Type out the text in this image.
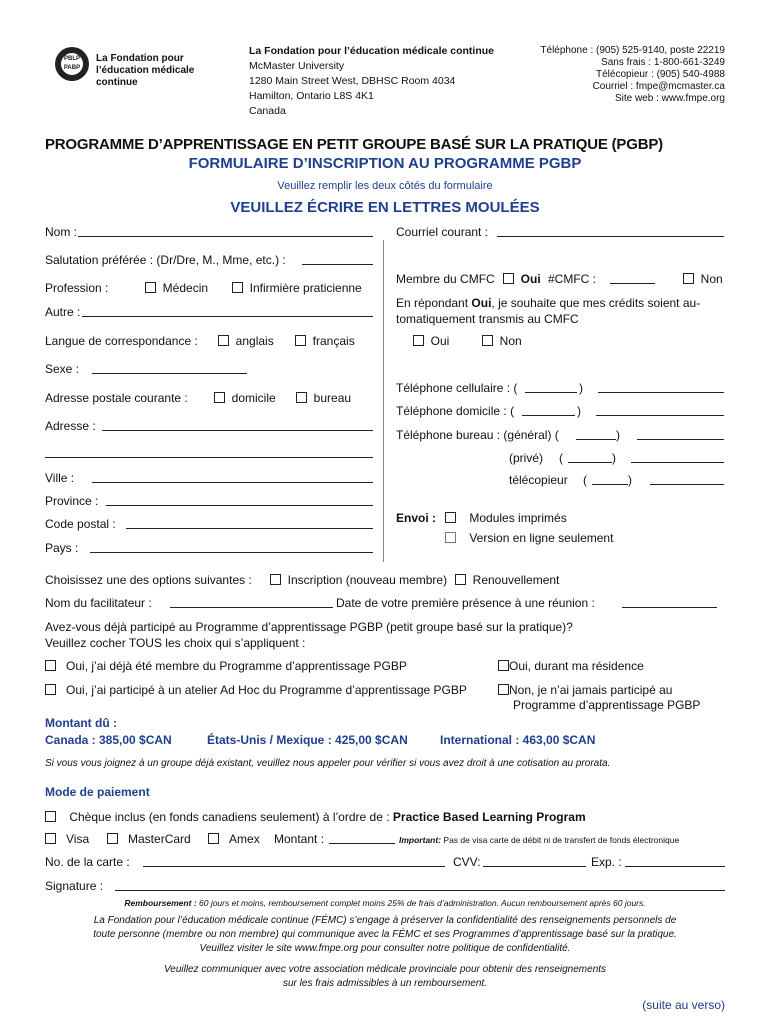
PBLP PABP
La Fondation pour
l’éducation médicale
continue
La Fondation pour l’éducation médicale continue
McMaster University
1280 Main Street West, DBHSC Room 4034
Hamilton, Ontario L8S 4K1
Canada
Téléphone : (905) 525-9140, poste 22219
Sans frais : 1-800-661-3249
Télécopieur : (905) 540-4988
Courriel : fmpe@mcmaster.ca
Site web : www.fmpe.org
PROGRAMME D’APPRENTISSAGE EN PETIT GROUPE BASÉ SUR LA PRATIQUE (PGBP)
FORMULAIRE D’INSCRIPTION AU PROGRAMME PGBP
Veuillez remplir les deux côtés du formulaire
VEUILLEZ ÉCRIRE EN LETTRES MOULÉES
Nom :
Salutation préférée : (Dr/Dre, M., Mme, etc.) :
Profession :	Médecin	Infirmière praticienne
Autre :
Langue de correspondance :	anglais	français
Sexe :
Adresse postale courante :	domicile	bureau
Adresse :
Ville :
Province :
Code postal :
Pays :
Courriel courant :
Membre du CMFC	Oui #CMFC :	Non
En répondant Oui, je souhaite que mes crédits soient au-
tomatiquement transmis au CMFC
Oui	Non
Téléphone cellulaire : (	)
Téléphone domicile : (	)
Téléphone bureau : (général) (	)
(privé) (	)
télécopieur (	)
Envoi :	Modules imprimés
Version en ligne seulement
Choisissez une des options suivantes :	Inscription (nouveau membre)	Renouvellement
Nom du facilitateur :	Date de votre première présence à une réunion :
Avez-vous déjà participé au Programme d’apprentissage PGBP (petit groupe basé sur la pratique)?
Veuillez cocher TOUS les choix qui s’appliquent :
Oui, j’ai déjà été membre du Programme d’apprentissage PGBP	Oui, durant ma résidence
Oui, j’ai participé à un atelier Ad Hoc du Programme d’apprentissage PGBP	Non, je n’ai jamais participé au
Programme d’apprentissage PGBP
Montant dû :
Canada : 385,00 $CAN	États-Unis / Mexique : 425,00 $CAN	International : 463,00 $CAN
Si vous vous joignez à un groupe déjà existant, veuillez nous appeler pour vérifier si vous avez droit à une cotisation au prorata.
Mode de paiement
Chèque inclus (en fonds canadiens seulement) à l’ordre de : Practice Based Learning Program
Visa	MasterCard	Amex Montant :	Important: Pas de visa carte de débit ni de transfert de fonds électronique
No. de la carte :	CVV:	Exp. :
Signature :
Remboursement : 60 jours et moins, remboursement complet moins 25% de frais d’administration. Aucun remboursement après 60 jours.
La Fondation pour l’éducation médicale continue (FÉMC) s’engage à préserver la confidentialité des renseignements personnels de
toute personne (membre ou non membre) qui communique avec la FÉMC et ses Programmes d’apprentissage basé sur la pratique.
Veuillez visiter le site www.fmpe.org pour consulter notre politique de confidentialité.
Veuillez communiquer avec votre association médicale provinciale pour obtenir des renseignements
sur les frais admissibles à un remboursement.
(suite au verso)
